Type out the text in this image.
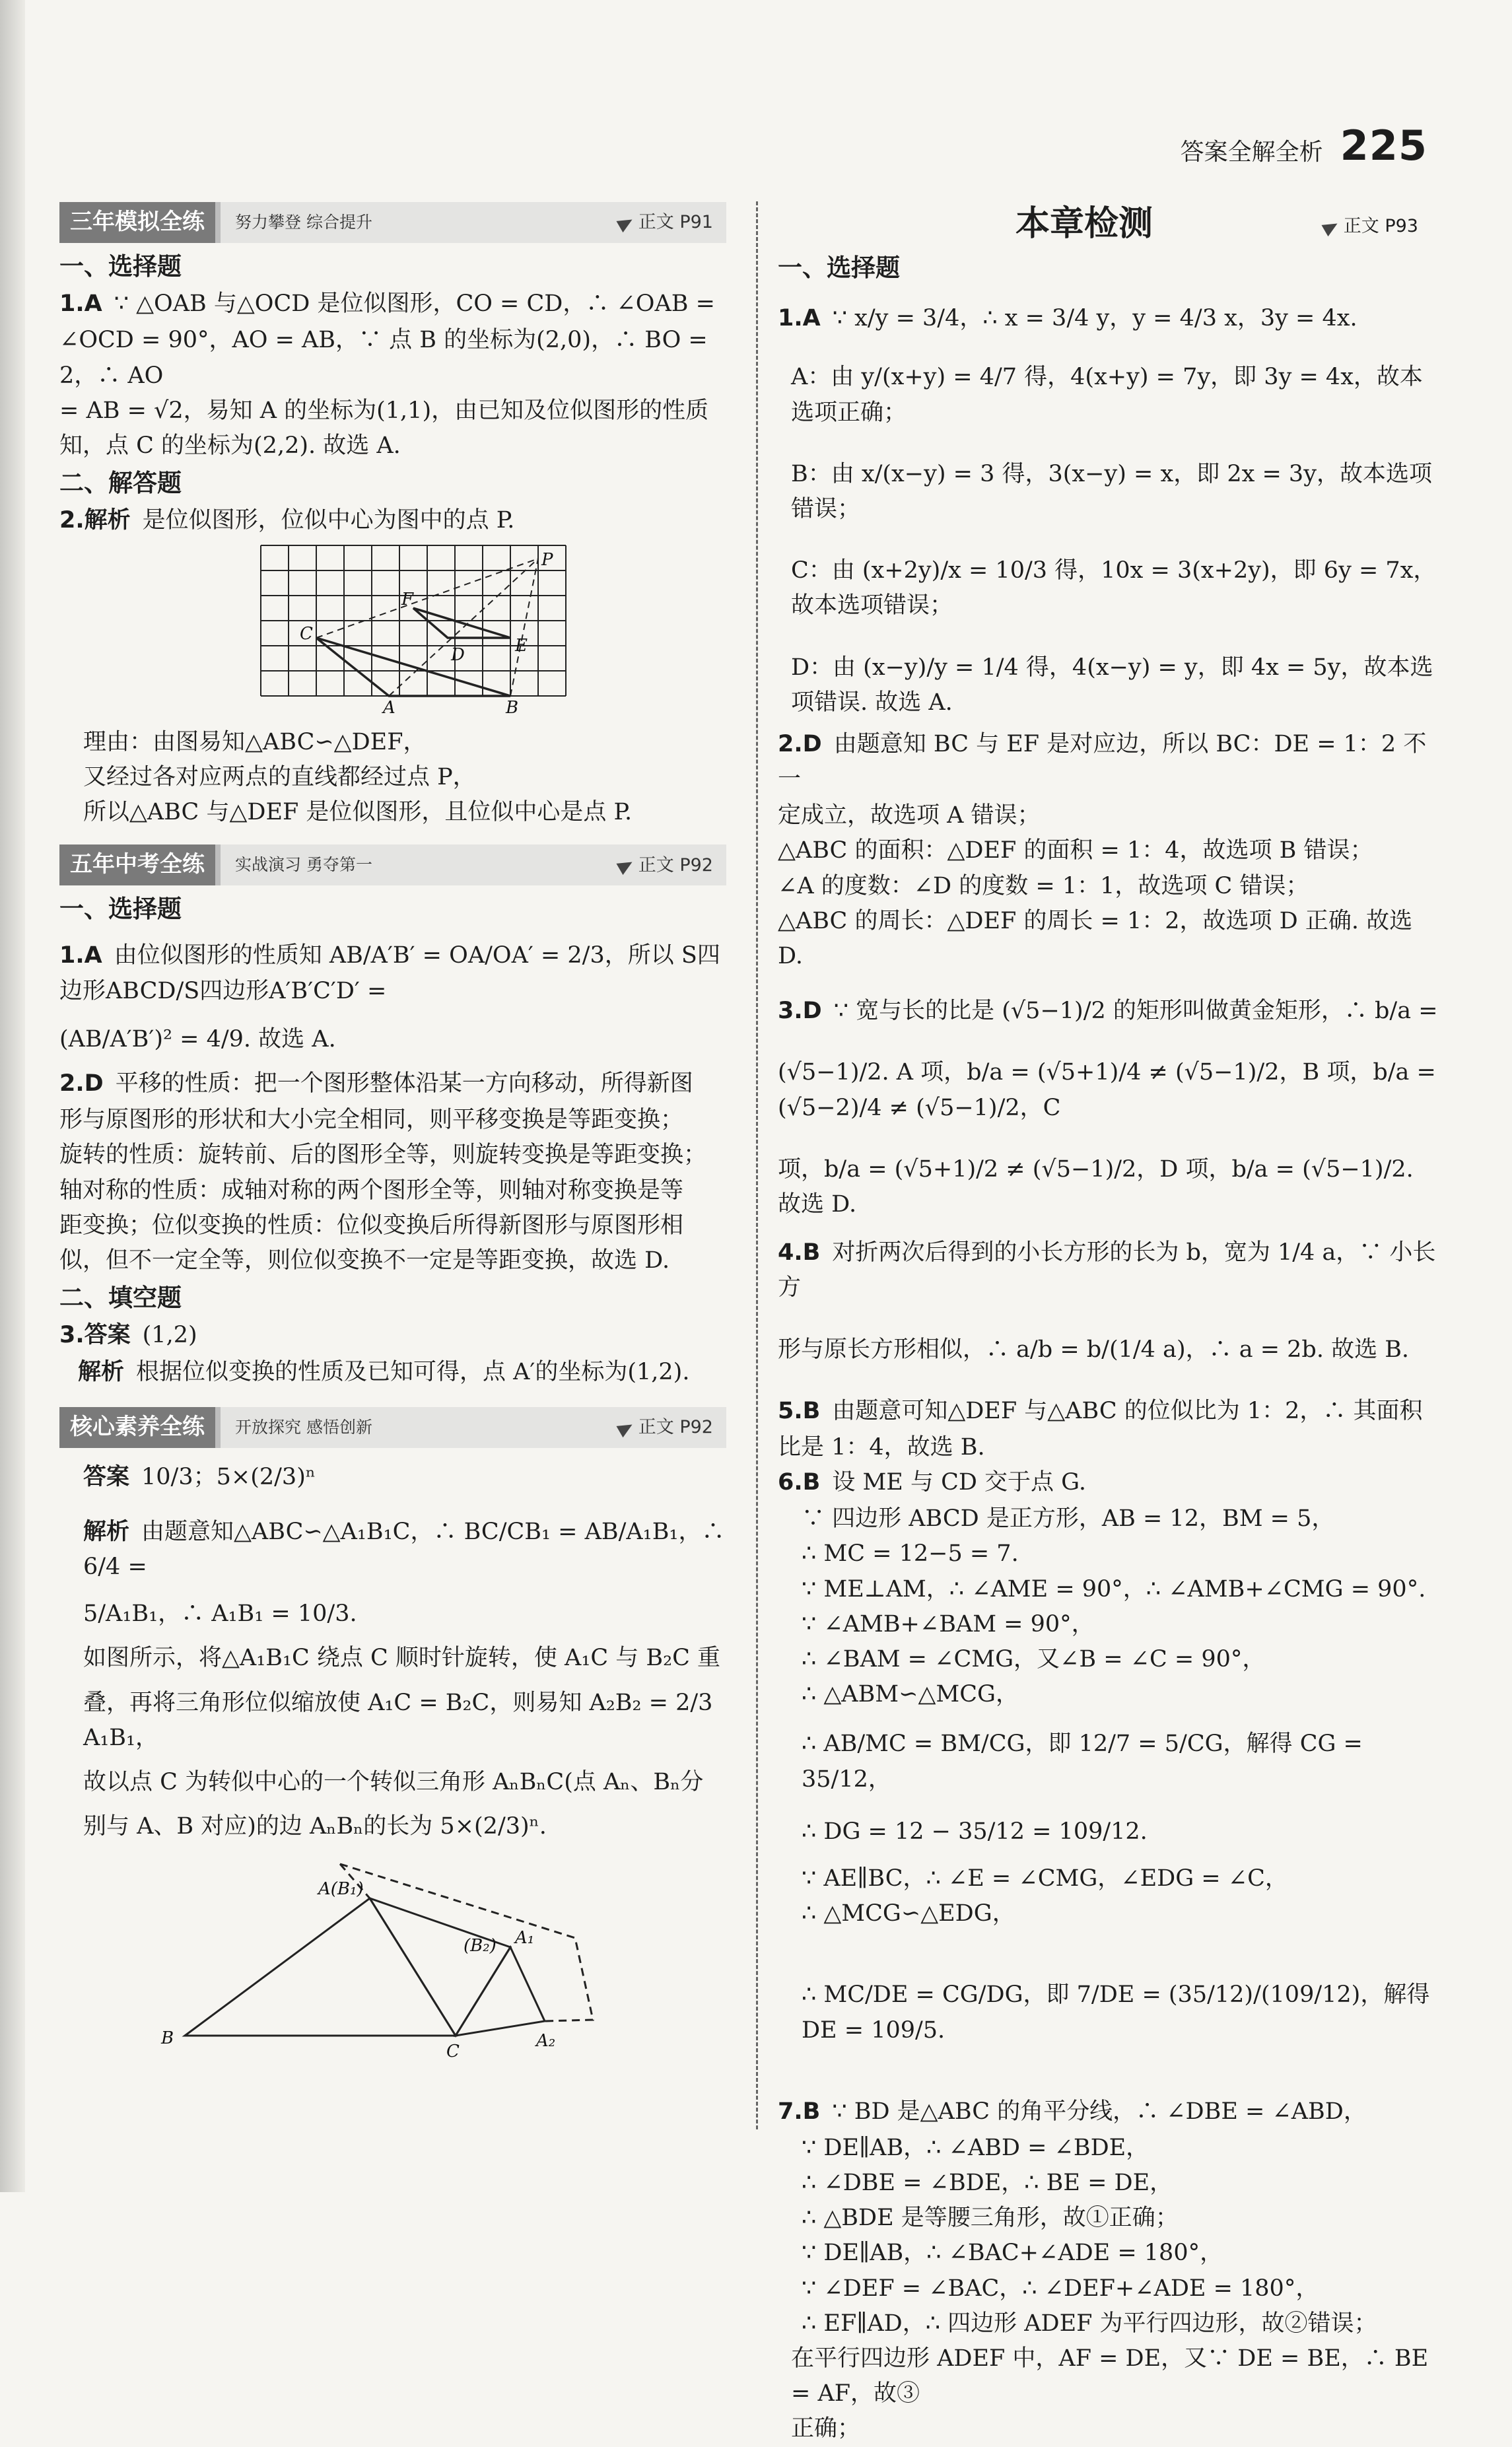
答案全解全析 225
三年模拟全练	努力攀登 综合提升	正文 P91
一、选择题
1.A ∵ △OAB 与△OCD 是位似图形，CO = CD，∴ ∠OAB =

∠OCD = 90°，AO = AB，∵ 点 B 的坐标为(2,0)，∴ BO = 2，∴ AO

= AB = √2，易知 A 的坐标为(1,1)，由已知及位似图形的性质

知，点 C 的坐标为(2,2). 故选 A.

二、解答题
2.解析 是位似图形，位似中心为图中的点 P.
P
F
C
D	E
A	B

理由：由图易知△ABC∽△DEF，

又经过各对应两点的直线都经过点 P，

所以△ABC 与△DEF 是位似图形，且位似中心是点 P.

五年中考全练	实战演习 勇夺第一	正文 P92
一、选择题
1.A 由位似图形的性质知 AB/A′B′ = OA/OA′ = 2/3，所以 S四边形ABCD/S四边形A′B′C′D′ =

(AB/A′B′)² = 4/9. 故选 A.

2.D 平移的性质：把一个图形整体沿某一方向移动，所得新图

形与原图形的形状和大小完全相同，则平移变换是等距变换；

旋转的性质：旋转前、后的图形全等，则旋转变换是等距变换；

轴对称的性质：成轴对称的两个图形全等，则轴对称变换是等

距变换；位似变换的性质：位似变换后所得新图形与原图形相

似，但不一定全等，则位似变换不一定是等距变换，故选 D.

二、填空题
3.答案 (1,2)
解析 根据位似变换的性质及已知可得，点 A′的坐标为(1,2).
核心素养全练	开放探究 感悟创新	正文 P92
答案 10/3；5×(2/3)ⁿ
解析 由题意知△ABC∽△A₁B₁C，∴ BC/CB₁ = AB/A₁B₁，∴ 6/4 =

5/A₁B₁，∴ A₁B₁ = 10/3.

如图所示，将△A₁B₁C 绕点 C 顺时针旋转，使 A₁C 与 B₂C 重

叠，再将三角形位似缩放使 A₁C = B₂C，则易知 A₂B₂ = 2/3 A₁B₁，

故以点 C 为转似中心的一个转似三角形 AₙBₙC(点 Aₙ、Bₙ分

别与 A、B 对应)的边 AₙBₙ的长为 5×(2/3)ⁿ.

A(B₁)
(B₂) A₁
B
C
A₂
本章检测	正文 P93
一、选择题
1.A ∵ x/y = 3/4，∴ x = 3/4 y，y = 4/3 x，3y = 4x.

A：由 y/(x+y) = 4/7 得，4(x+y) = 7y，即 3y = 4x，故本选项正确；

B：由 x/(x−y) = 3 得，3(x−y) = x，即 2x = 3y，故本选项错误；

C：由 (x+2y)/x = 10/3 得，10x = 3(x+2y)，即 6y = 7x，故本选项错误；

D：由 (x−y)/y = 1/4 得，4(x−y) = y，即 4x = 5y，故本选项错误. 故选 A.

2.D 由题意知 BC 与 EF 是对应边，所以 BC：DE = 1：2 不一

定成立，故选项 A 错误；

△ABC 的面积：△DEF 的面积 = 1：4，故选项 B 错误；

∠A 的度数：∠D 的度数 = 1：1，故选项 C 错误；

△ABC 的周长：△DEF 的周长 = 1：2，故选项 D 正确. 故选 D.

3.D ∵ 宽与长的比是 (√5−1)/2 的矩形叫做黄金矩形，∴ b/a =

(√5−1)/2. A 项，b/a = (√5+1)/4 ≠ (√5−1)/2，B 项，b/a = (√5−2)/4 ≠ (√5−1)/2，C

项，b/a = (√5+1)/2 ≠ (√5−1)/2，D 项，b/a = (√5−1)/2. 故选 D.

4.B 对折两次后得到的小长方形的长为 b，宽为 1/4 a，∵ 小长方

形与原长方形相似，∴ a/b = b/(1/4 a)，∴ a = 2b. 故选 B.

5.B 由题意可知△DEF 与△ABC 的位似比为 1：2，∴ 其面积

比是 1：4，故选 B.

6.B 设 ME 与 CD 交于点 G.

∵ 四边形 ABCD 是正方形，AB = 12，BM = 5，

∴ MC = 12−5 = 7.

∵ ME⊥AM，∴ ∠AME = 90°，∴ ∠AMB+∠CMG = 90°.

∵ ∠AMB+∠BAM = 90°，

∴ ∠BAM = ∠CMG，又∠B = ∠C = 90°，

∴ △ABM∽△MCG，

∴ AB/MC = BM/CG，即 12/7 = 5/CG，解得 CG = 35/12，

∴ DG = 12 − 35/12 = 109/12.

∵ AE∥BC，∴ ∠E = ∠CMG，∠EDG = ∠C，

∴ △MCG∽△EDG，

∴ MC/DE = CG/DG，即 7/DE = (35/12)/(109/12)，解得 DE = 109/5.

7.B ∵ BD 是△ABC 的角平分线，∴ ∠DBE = ∠ABD，

∵ DE∥AB，∴ ∠ABD = ∠BDE，

∴ ∠DBE = ∠BDE，∴ BE = DE，

∴ △BDE 是等腰三角形，故①正确；

∵ DE∥AB，∴ ∠BAC+∠ADE = 180°，

∵ ∠DEF = ∠BAC，∴ ∠DEF+∠ADE = 180°，

∴ EF∥AD，∴ 四边形 ADEF 为平行四边形，故②错误；

在平行四边形 ADEF 中，AF = DE，又∵ DE = BE，∴ BE = AF，故③

正确；
